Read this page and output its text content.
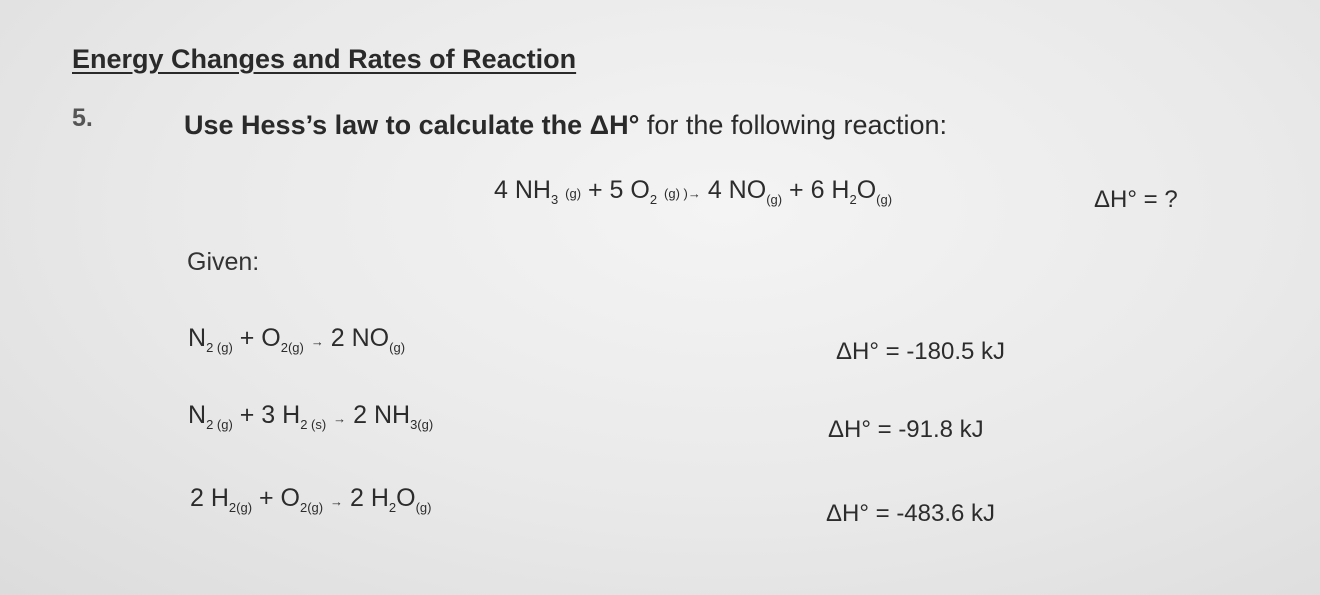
Energy Changes and Rates of Reaction
5.	Use Hess’s law to calculate the ΔH° for the following reaction:
4 $NH_3$ (g) + 5 $O_2$ (g) )→ 4 $NO_{(g)} + 6$ $H_2O_{(g)}$	ΔH° = ?
Given:
$N_{2 (g)} + O_{2(g)} \to 2$ $NO_{(g)}$	ΔH° = -180.5 kJ
$N_{2 (g)} + 3$ $H_{2 (s)} \to 2$ $NH_{3(g)}$	ΔH° = -91.8 kJ
2 $H_{2(g)} + O_{2(g)} \to 2$ $H_2O_{(g)}$	ΔH° = -483.6 kJ
